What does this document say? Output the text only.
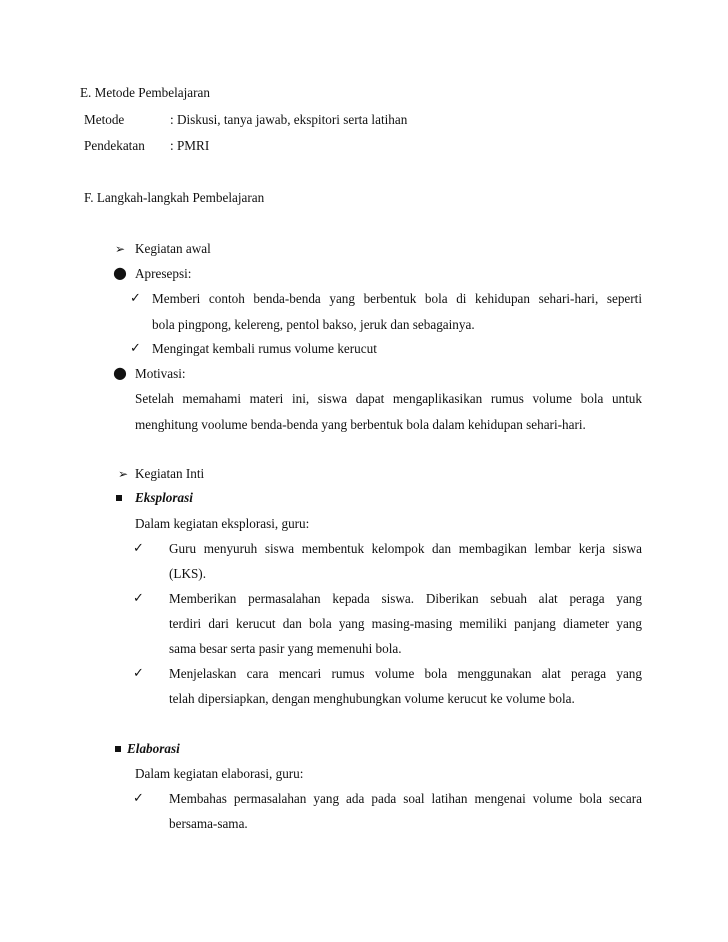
E. Metode Pembelajaran
Metode	: Diskusi, tanya jawab, ekspitori serta latihan
Pendekatan : PMRI
F. Langkah-langkah Pembelajaran
➢ Kegiatan awal
● Apresepsi:
✓ Memberi contoh benda-benda yang berbentuk bola di kehidupan sehari-hari, seperti
bola pingpong, kelereng, pentol bakso, jeruk dan sebagainya.
✓ Mengingat kembali rumus volume kerucut
● Motivasi:
Setelah memahami materi ini, siswa dapat mengaplikasikan rumus volume bola untuk
menghitung voolume benda-benda yang berbentuk bola dalam kehidupan sehari-hari.
➢ Kegiatan Inti
Eksplorasi
Dalam kegiatan eksplorasi, guru:
✓ Guru menyuruh siswa membentuk kelompok dan membagikan lembar kerja siswa
(LKS).
✓ Memberikan permasalahan kepada siswa. Diberikan sebuah alat peraga yang
terdiri dari kerucut dan bola yang masing-masing memiliki panjang diameter yang
sama besar serta pasir yang memenuhi bola.
✓ Menjelaskan cara mencari rumus volume bola menggunakan alat peraga yang
telah dipersiapkan, dengan menghubungkan volume kerucut ke volume bola.
Elaborasi
Dalam kegiatan elaborasi, guru:
✓ Membahas permasalahan yang ada pada soal latihan mengenai volume bola secara
bersama-sama.
